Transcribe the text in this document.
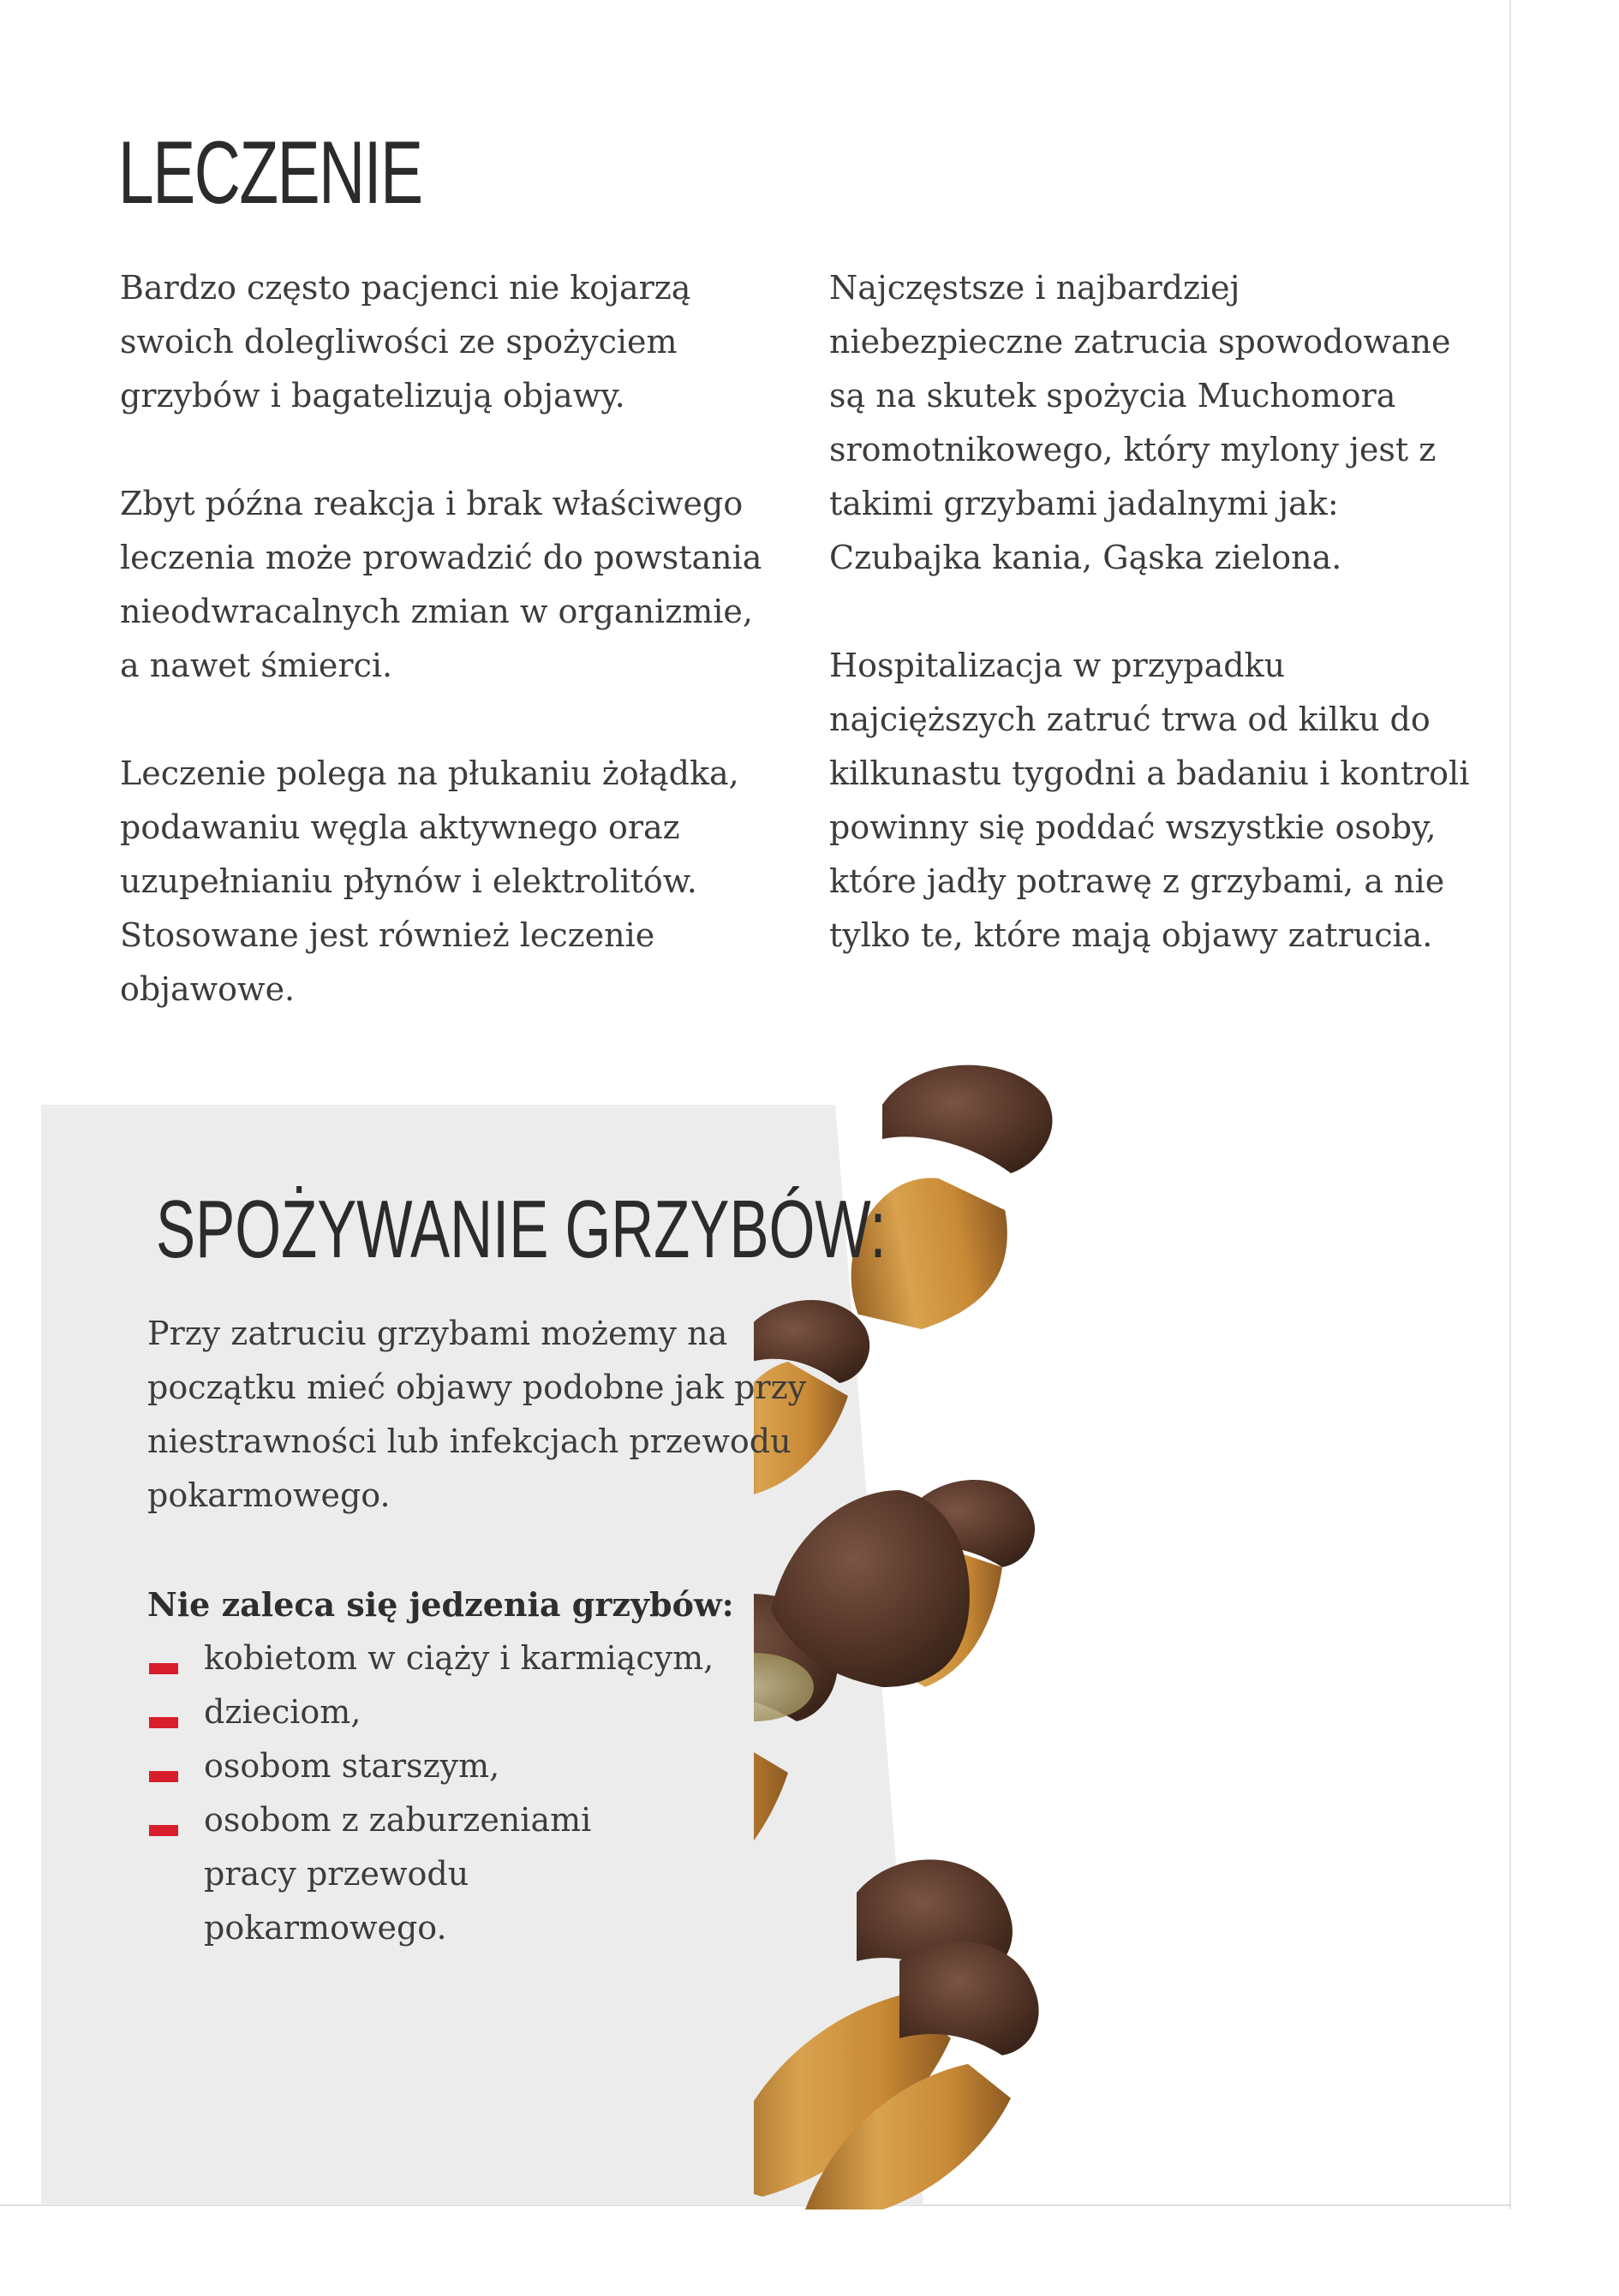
LECZENIE

Bardzo często pacjenci nie kojarzą swoich dolegliwości ze spożyciem grzybów i bagatelizują objawy.

Zbyt późna reakcja i brak właściwego leczenia może prowadzić do powstania nieodwracalnych zmian w organizmie, a nawet śmierci.

Leczenie polega na płukaniu żołądka, podawaniu węgla aktywnego oraz uzupełnianiu płynów i elektrolitów. Stosowane jest również leczenie objawowe.

Najczęstsze i najbardziej niebezpieczne zatrucia spowodowane są na skutek spożycia Muchomora sromotnikowego, który mylony jest z takimi grzybami jadalnymi jak: Czubajka kania, Gąska zielona.

Hospitalizacja w przypadku najcięższych zatruć trwa od kilku do kilkunastu tygodni a badaniu i kontroli powinny się poddać wszystkie osoby, które jadły potrawę z grzybami, a nie tylko te, które mają objawy zatrucia.

SPOŻYWANIE GRZYBÓW:

Przy zatruciu grzybami możemy na początku mieć objawy podobne jak przy niestrawności lub infekcjach przewodu pokarmowego.

Nie zaleca się jedzenia grzybów:

kobietom w ciąży i karmiącym,
dzieciom,
osobom starszym,
osobom z zaburzeniami pracy przewodu pokarmowego.
